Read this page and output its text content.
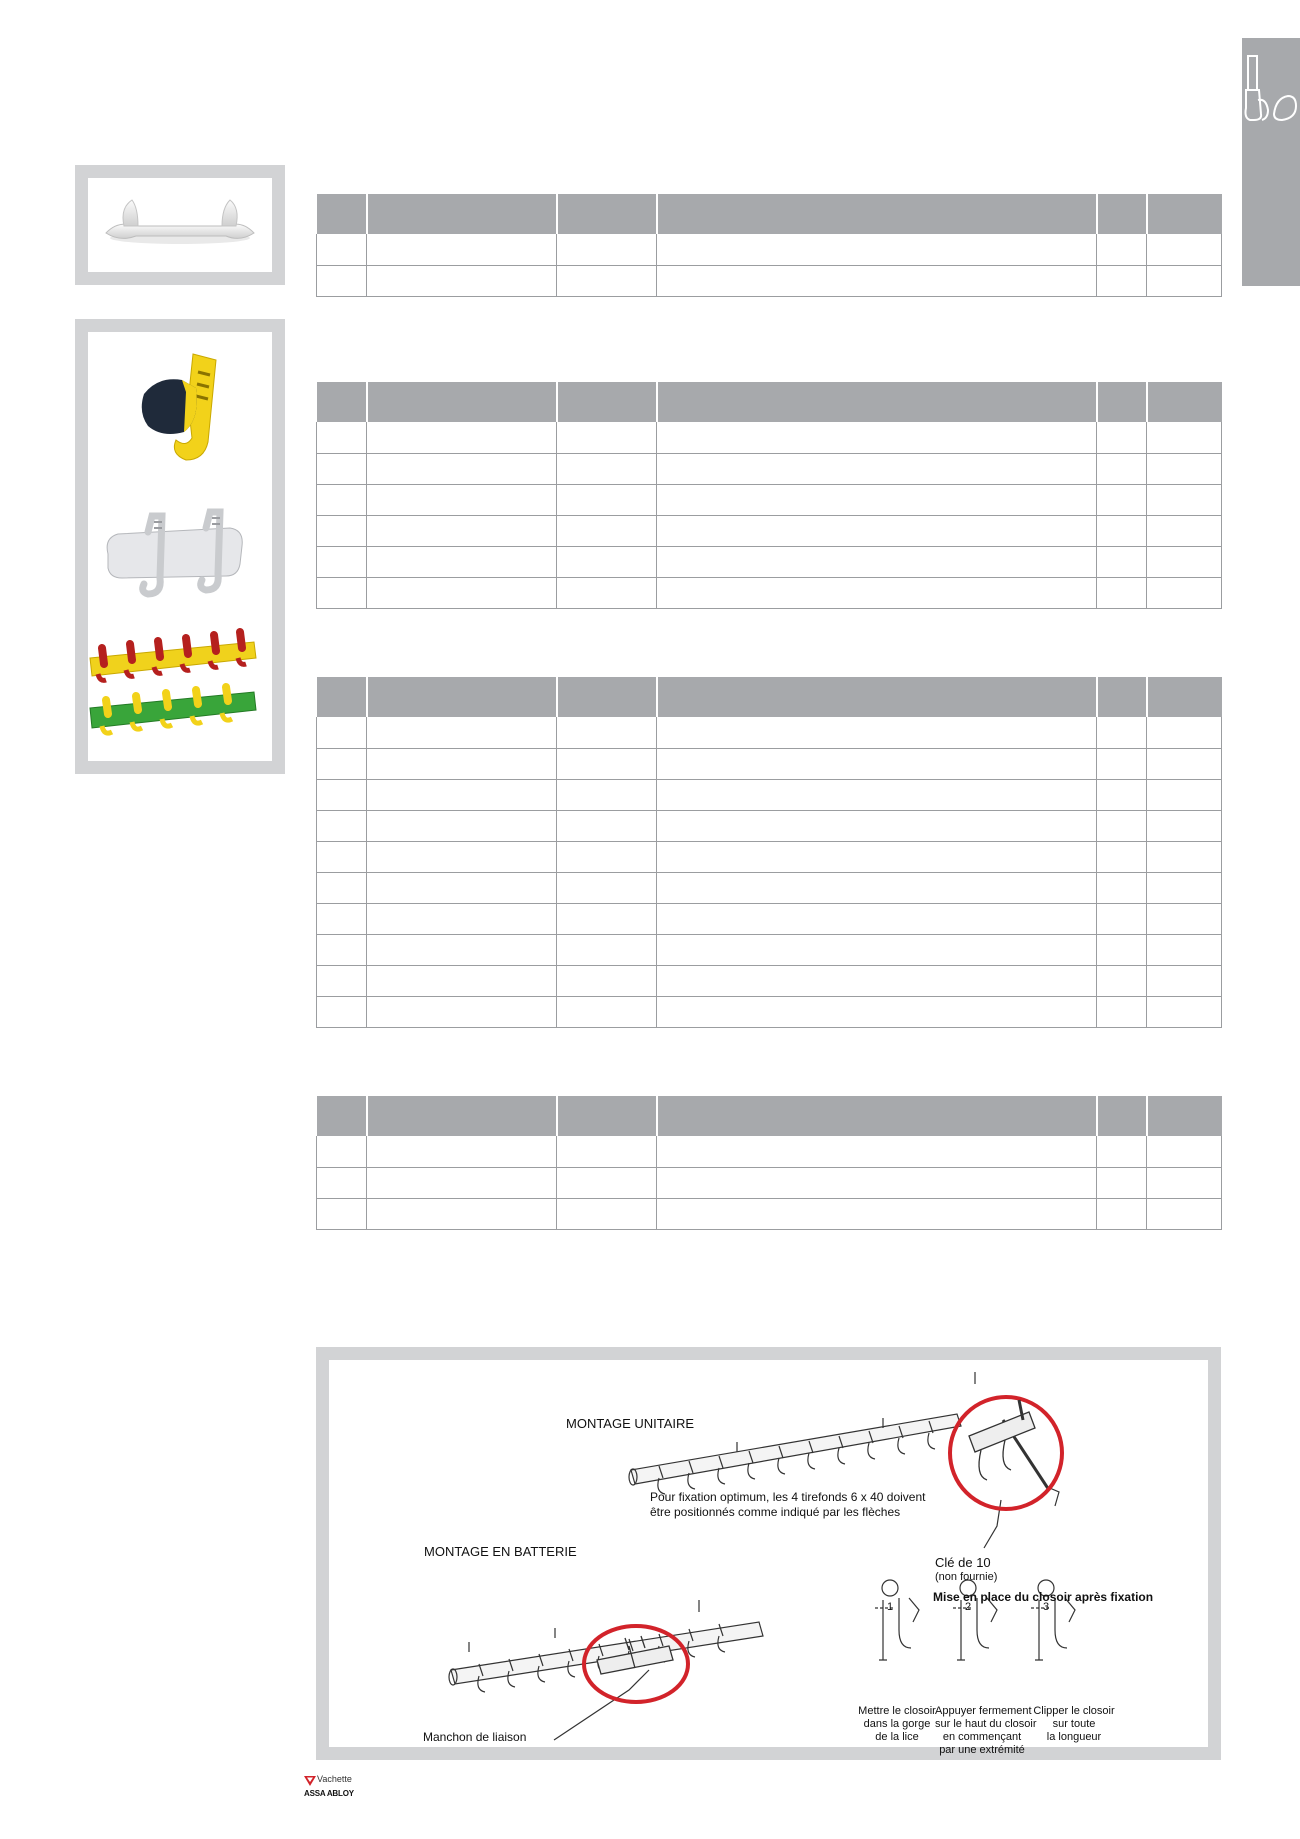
MONTAGE UNITAIRE
Pour fixation optimum, les 4 tirefonds 6 x 40 doivent
être positionnés comme indiqué par les flèches
MONTAGE EN BATTERIE
Clé de 10
(non fournie)
Mise en place du closoir après fixation
1	2	3
Mettre le closoir
dans la gorge
de la lice
Appuyer fermement
sur le haut du closoir
en commençant
par une extrémité
Clipper le closoir
sur toute
la longueur
Manchon de liaison
Vachette
ASSA ABLOY
